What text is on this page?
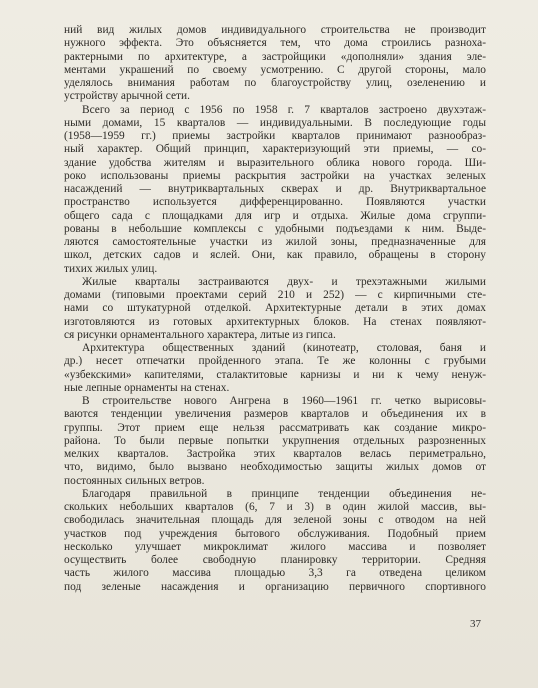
ний вид жилых домов индивидуального строительства не производит
нужного эффекта. Это объясняется тем, что дома строились разноха-
рактерными по архитектуре, а застройщики «дополняли» здания эле-
ментами украшений по своему усмотрению. С другой стороны, мало
уделялось внимания работам по благоустройству улиц, озеленению и
устройству арычной сети.
Всего за период с 1956 по 1958 г. 7 кварталов застроено двухэтаж-
ными домами, 15 кварталов — индивидуальными. В последующие годы
(1958—1959 гг.) приемы застройки кварталов принимают разнообраз-
ный характер. Общий принцип, характеризующий эти приемы, — со-
здание удобства жителям и выразительного облика нового города. Ши-
роко использованы приемы раскрытия застройки на участках зеленых
насаждений — внутриквартальных скверах и др. Внутриквартальное
пространство используется дифференцированно. Появляются участки
общего сада с площадками для игр и отдыха. Жилые дома сгруппи-
рованы в небольшие комплексы с удобными подъездами к ним. Выде-
ляются самостоятельные участки из жилой зоны, предназначенные для
школ, детских садов и яслей. Они, как правило, обращены в сторону
тихих жилых улиц.
Жилые кварталы застраиваются двух- и трехэтажными жилыми
домами (типовыми проектами серий 210 и 252) — с кирпичными сте-
нами со штукатурной отделкой. Архитектурные детали в этих домах
изготовляются из готовых архитектурных блоков. На стенах появляют-
ся рисунки орнаментального характера, литые из гипса.
Архитектура общественных зданий (кинотеатр, столовая, баня и
др.) несет отпечатки пройденного этапа. Те же колонны с грубыми
«узбекскими» капителями, сталактитовые карнизы и ни к чему ненуж-
ные лепные орнаменты на стенах.
В строительстве нового Ангрена в 1960—1961 гг. четко вырисовы-
ваются тенденции увеличения размеров кварталов и объединения их в
группы. Этот прием еще нельзя рассматривать как создание микро-
района. То были первые попытки укрупнения отдельных разрозненных
мелких кварталов. Застройка этих кварталов велась периметрально,
что, видимо, было вызвано необходимостью защиты жилых домов от
постоянных сильных ветров.
Благодаря правильной в принципе тенденции объединения не-
скольких небольших кварталов (6, 7 и 3) в один жилой массив, вы-
свободилась значительная площадь для зеленой зоны с отводом на ней
участков под учреждения бытового обслуживания. Подобный прием
несколько улучшает микроклимат жилого массива и позволяет
осуществить более свободную планировку территории. Средняя
часть жилого массива площадью 3,3 га отведена целиком
под зеленые насаждения и организацию первичного спортивного
37
